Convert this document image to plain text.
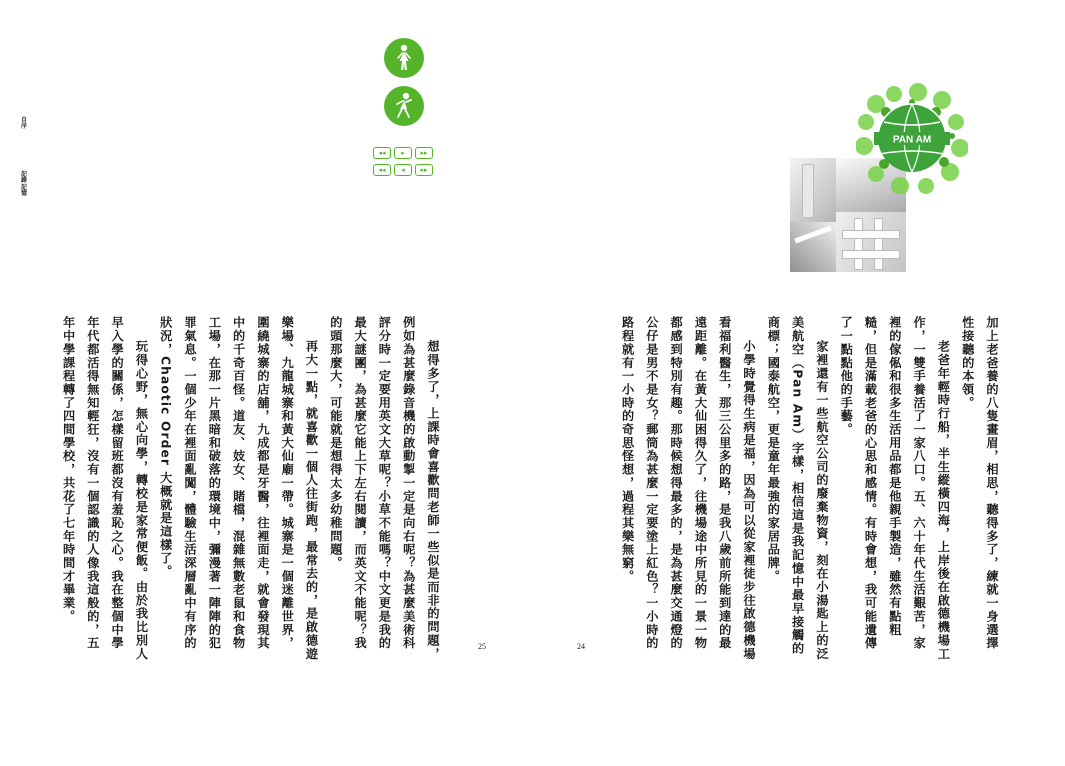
自序
記錄記憶
◂◂	▸	▸▸
◂◂	◂	▸▸

想得多了，上課時會喜歡問老師一些似是而非的問題，例如為甚麼錄音機的啟動掣一定是向右呢？為甚麼美術科評分時一定要用英文大草呢？小草不能嗎？中文更是我的最大謎團，為甚麼它能上下左右閱讀，而英文不能呢？我的頭那麼大，可能就是想得太多幼稚問題。

再大一點，就喜歡一個人往街跑，最常去的，是啟德遊樂場、九龍城寨和黃大仙廟一帶。城寨是一個迷離世界，圍繞城寨的店舖，九成都是牙醫，往裡面走，就會發現其中的千奇百怪。道友、妓女、賭檔，混雜無數老鼠和食物工場，在那一片黑暗和破落的環境中，彌漫著一陣陣的犯罪氣息。一個少年在裡面亂闖，體驗生活深層亂中有序的狀況，Chaotic Order 大概就是這樣了。

玩得心野，無心向學，轉校是家常便飯。由於我比別人早入學的關係，怎樣留班都沒有羞恥之心。我在整個中學年代都活得無知輕狂，沒有一個認識的人像我這般的，五年中學課程轉了四間學校，共花了七年時間才畢業。

25	24	加上老爸養的八隻畫眉，相思，聽得多了，練就一身選擇性接聽的本領。

老爸年輕時行船，半生縱橫四海，上岸後在啟德機場工作，一雙手養活了一家八口。五、六十年代生活艱苦，家裡的傢俬和很多生活用品都是他親手製造，雖然有點粗糙，但是滿載老爸的心思和感情。有時會想，我可能遺傳了一點點他的手藝。

家裡還有一些航空公司的廢棄物資，刻在小湯匙上的泛美航空（Pan Am）字樣，相信這是我記憶中最早接觸的商標；國泰航空，更是童年最強的家居品牌。

小學時覺得生病是福，因為可以從家裡徒步往啟德機場看福利醫生，那三公里多的路，是我八歲前所能到達的最遠距離。在黃大仙困得久了，往機場途中所見的一景一物都感到特別有趣。那時候想得最多的，是為甚麼交通燈的公仔是男不是女？郵筒為甚麼一定要塗上紅色？一小時的路程就有一小時的奇思怪想，過程其樂無窮。

PAN AM
